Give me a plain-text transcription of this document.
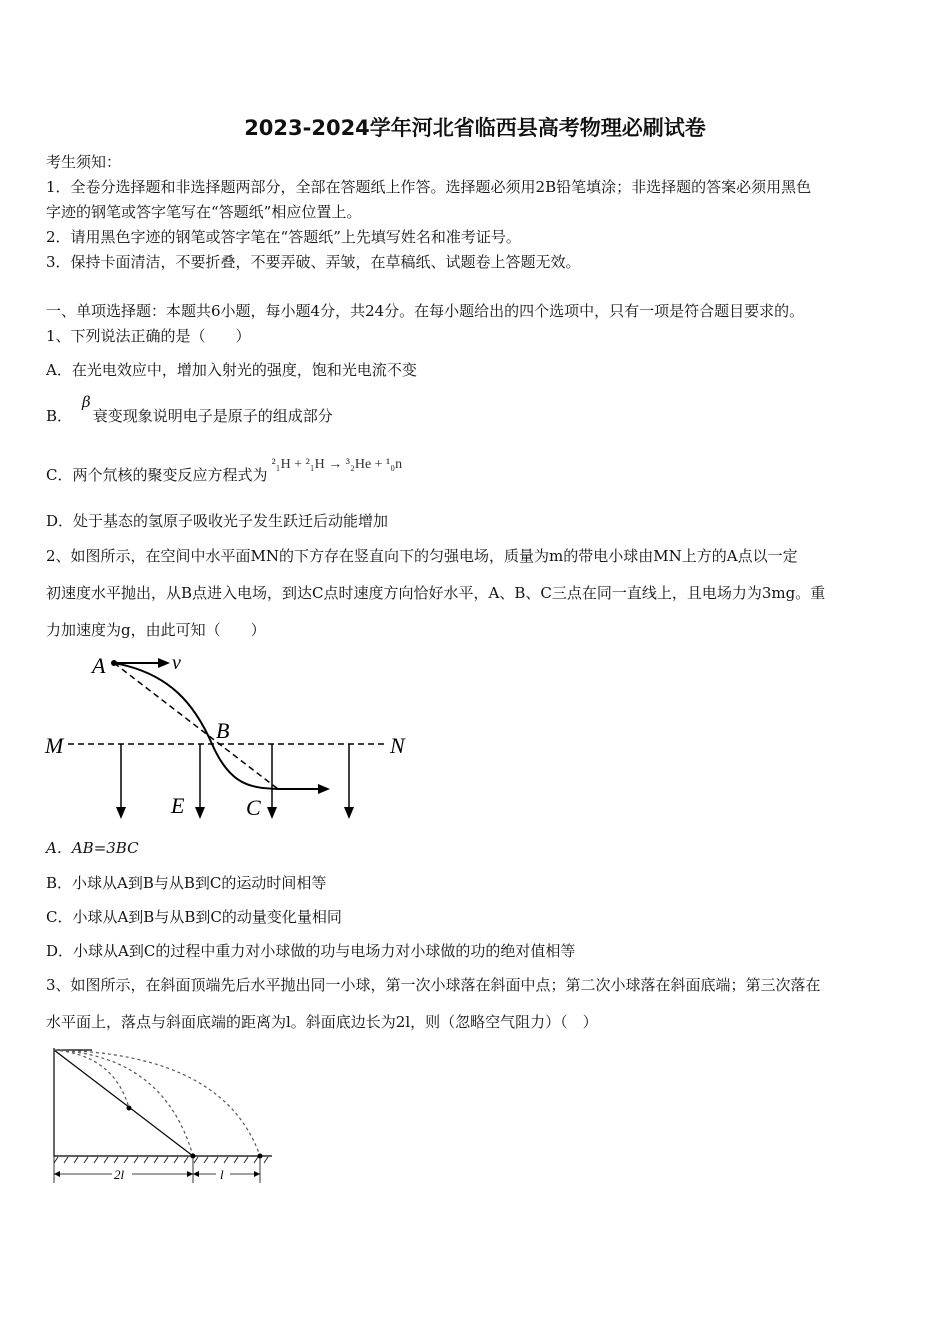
2023-2024学年河北省临西县高考物理必刷试卷
考生须知：
1．全卷分选择题和非选择题两部分，全部在答题纸上作答。选择题必须用2B铅笔填涂；非选择题的答案必须用黑色
字迹的钢笔或答字笔写在“答题纸”相应位置上。
2．请用黑色字迹的钢笔或答字笔在“答题纸”上先填写姓名和准考证号。
3．保持卡面清洁，不要折叠，不要弄破、弄皱，在草稿纸、试题卷上答题无效。
一、单项选择题：本题共6小题，每小题4分，共24分。在每小题给出的四个选项中，只有一项是符合题目要求的。
1、下列说法正确的是（　　）
A．在光电效应中，增加入射光的强度，饱和光电流不变
B．β衰变现象说明电子是原子的组成部分
C．两个氘核的聚变反应方程式为²₁H + ²₁H → ³₂He + ¹₀n
D．处于基态的氢原子吸收光子发生跃迁后动能增加
2、如图所示，在空间中水平面MN的下方存在竖直向下的匀强电场，质量为m的带电小球由MN上方的A点以一定
初速度水平抛出，从B点进入电场，到达C点时速度方向恰好水平，A、B、C三点在同一直线上，且电场力为3mg。重
力加速度为g，由此可知（　　）
A	v
M	N
B
E	C
A．AB=3BC
B．小球从A到B与从B到C的运动时间相等
C．小球从A到B与从B到C的动量变化量相同
D．小球从A到C的过程中重力对小球做的功与电场力对小球做的功的绝对值相等
3、如图所示，在斜面顶端先后水平抛出同一小球，第一次小球落在斜面中点；第二次小球落在斜面底端；第三次落在
水平面上，落点与斜面底端的距离为l。斜面底边长为2l，则（忽略空气阻力）（　）
2l	l
